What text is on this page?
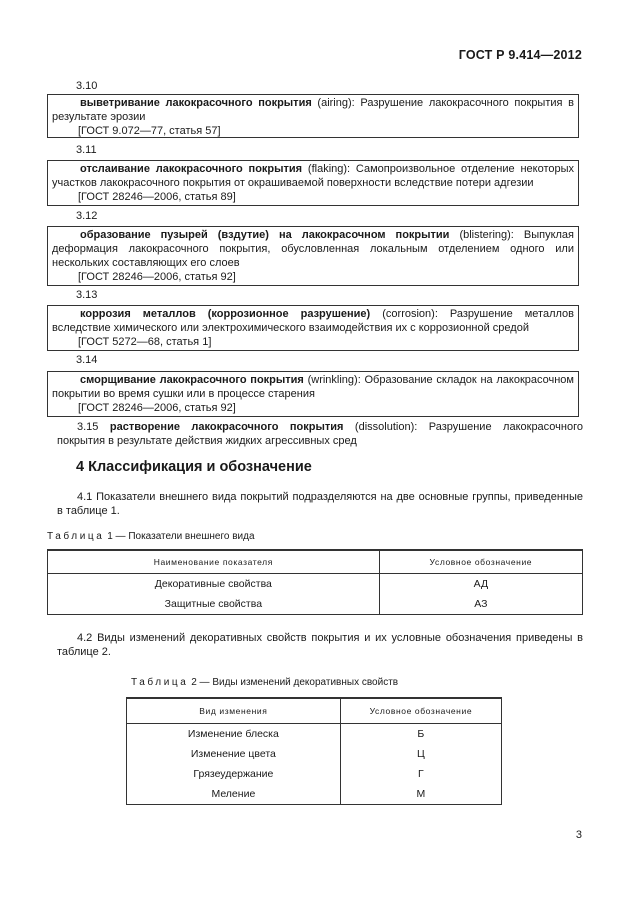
ГОСТ Р 9.414—2012
3.10
выветривание лакокрасочного покрытия (airing): Разрушение лакокрасочного покрытия в результате эрозии
[ГОСТ 9.072—77, статья 57]
3.11
отслаивание лакокрасочного покрытия (flaking): Самопроизвольное отделение некоторых участков лакокрасочного покрытия от окрашиваемой поверхности вследствие потери адгезии
[ГОСТ 28246—2006, статья 89]
3.12
образование пузырей (вздутие) на лакокрасочном покрытии (blistering): Выпуклая деформация лакокрасочного покрытия, обусловленная локальным отделением одного или нескольких составляющих его слоев
[ГОСТ 28246—2006, статья 92]
3.13
коррозия металлов (коррозионное разрушение) (corrosion): Разрушение металлов вследствие химического или электрохимического взаимодействия их с коррозионной средой
[ГОСТ 5272—68, статья 1]
3.14
сморщивание лакокрасочного покрытия (wrinkling): Образование складок на лакокрасочном покрытии во время сушки или в процессе старения
[ГОСТ 28246—2006, статья 92]
3.15 растворение лакокрасочного покрытия (dissolution): Разрушение лакокрасочного покрытия в результате действия жидких агрессивных сред
4 Классификация и обозначение
4.1 Показатели внешнего вида покрытий подразделяются на две основные группы, приведенные в таблице 1.
Таблица 1 — Показатели внешнего вида
Наименование показателя	Условное обозначение
Декоративные свойства	АД
Защитные свойства	АЗ
4.2 Виды изменений декоративных свойств покрытия и их условные обозначения приведены в таблице 2.
Таблица 2 — Виды изменений декоративных свойств
Вид изменения	Условное обозначение
Изменение блеска	Б
Изменение цвета	Ц
Грязеудержание	Г
Меление	М
3
